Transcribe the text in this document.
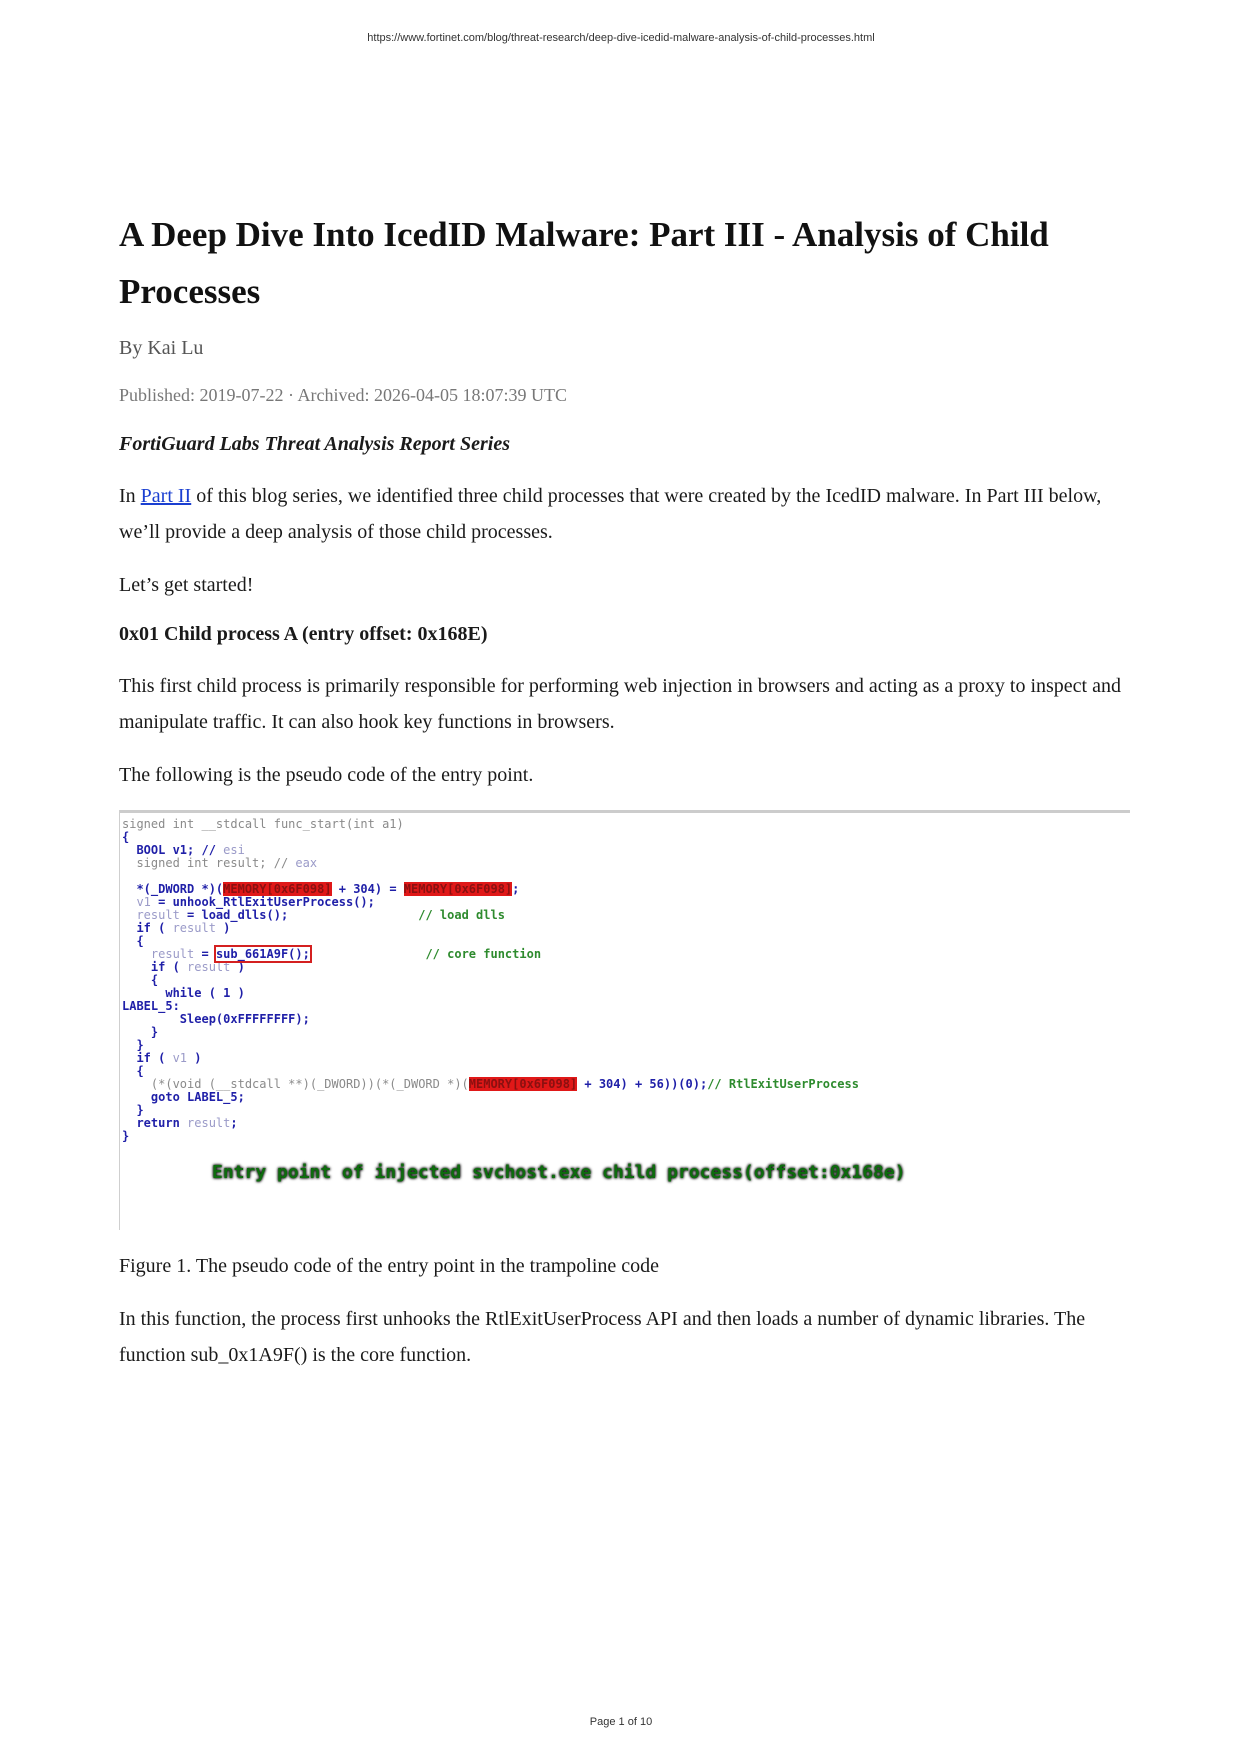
https://www.fortinet.com/blog/threat-research/deep-dive-icedid-malware-analysis-of-child-processes.html
A Deep Dive Into IcedID Malware: Part III - Analysis of Child Processes
By Kai Lu
Published: 2019-07-22 · Archived: 2026-04-05 18:07:39 UTC
FortiGuard Labs Threat Analysis Report Series

In Part II of this blog series, we identified three child processes that were created by the IcedID malware. In Part III below, we’ll provide a deep analysis of those child processes.

Let’s get started!

0x01 Child process A (entry offset: 0x168E)

This first child process is primarily responsible for performing web injection in browsers and acting as a proxy to inspect and manipulate traffic. It can also hook key functions in browsers.

The following is the pseudo code of the entry point.

signed int __stdcall func_start(int a1)
{
BOOL v1; // esi
signed int result; // eax

*(_DWORD *)(MEMORY[0x6F098] + 304) = MEMORY[0x6F098];
v1 = unhook_RtlExitUserProcess();
result = load_dlls();	// load dlls
if ( result )
{
result = sub_661A9F();	// core function
if ( result )
{
while ( 1 )
LABEL_5:
Sleep(0xFFFFFFFF);
}
}
if ( v1 )
{
(*(void (__stdcall **)(_DWORD))(*(_DWORD *)(MEMORY[0x6F098] + 304) + 56))(0);// RtlExitUserProcess
goto LABEL_5;
}
return result;
}
Entry point of injected svchost.exe child process(offset:0x168e)

Figure 1. The pseudo code of the entry point in the trampoline code

In this function, the process first unhooks the RtlExitUserProcess API and then loads a number of dynamic libraries. The function sub_0x1A9F() is the core function.

Page 1 of 10
